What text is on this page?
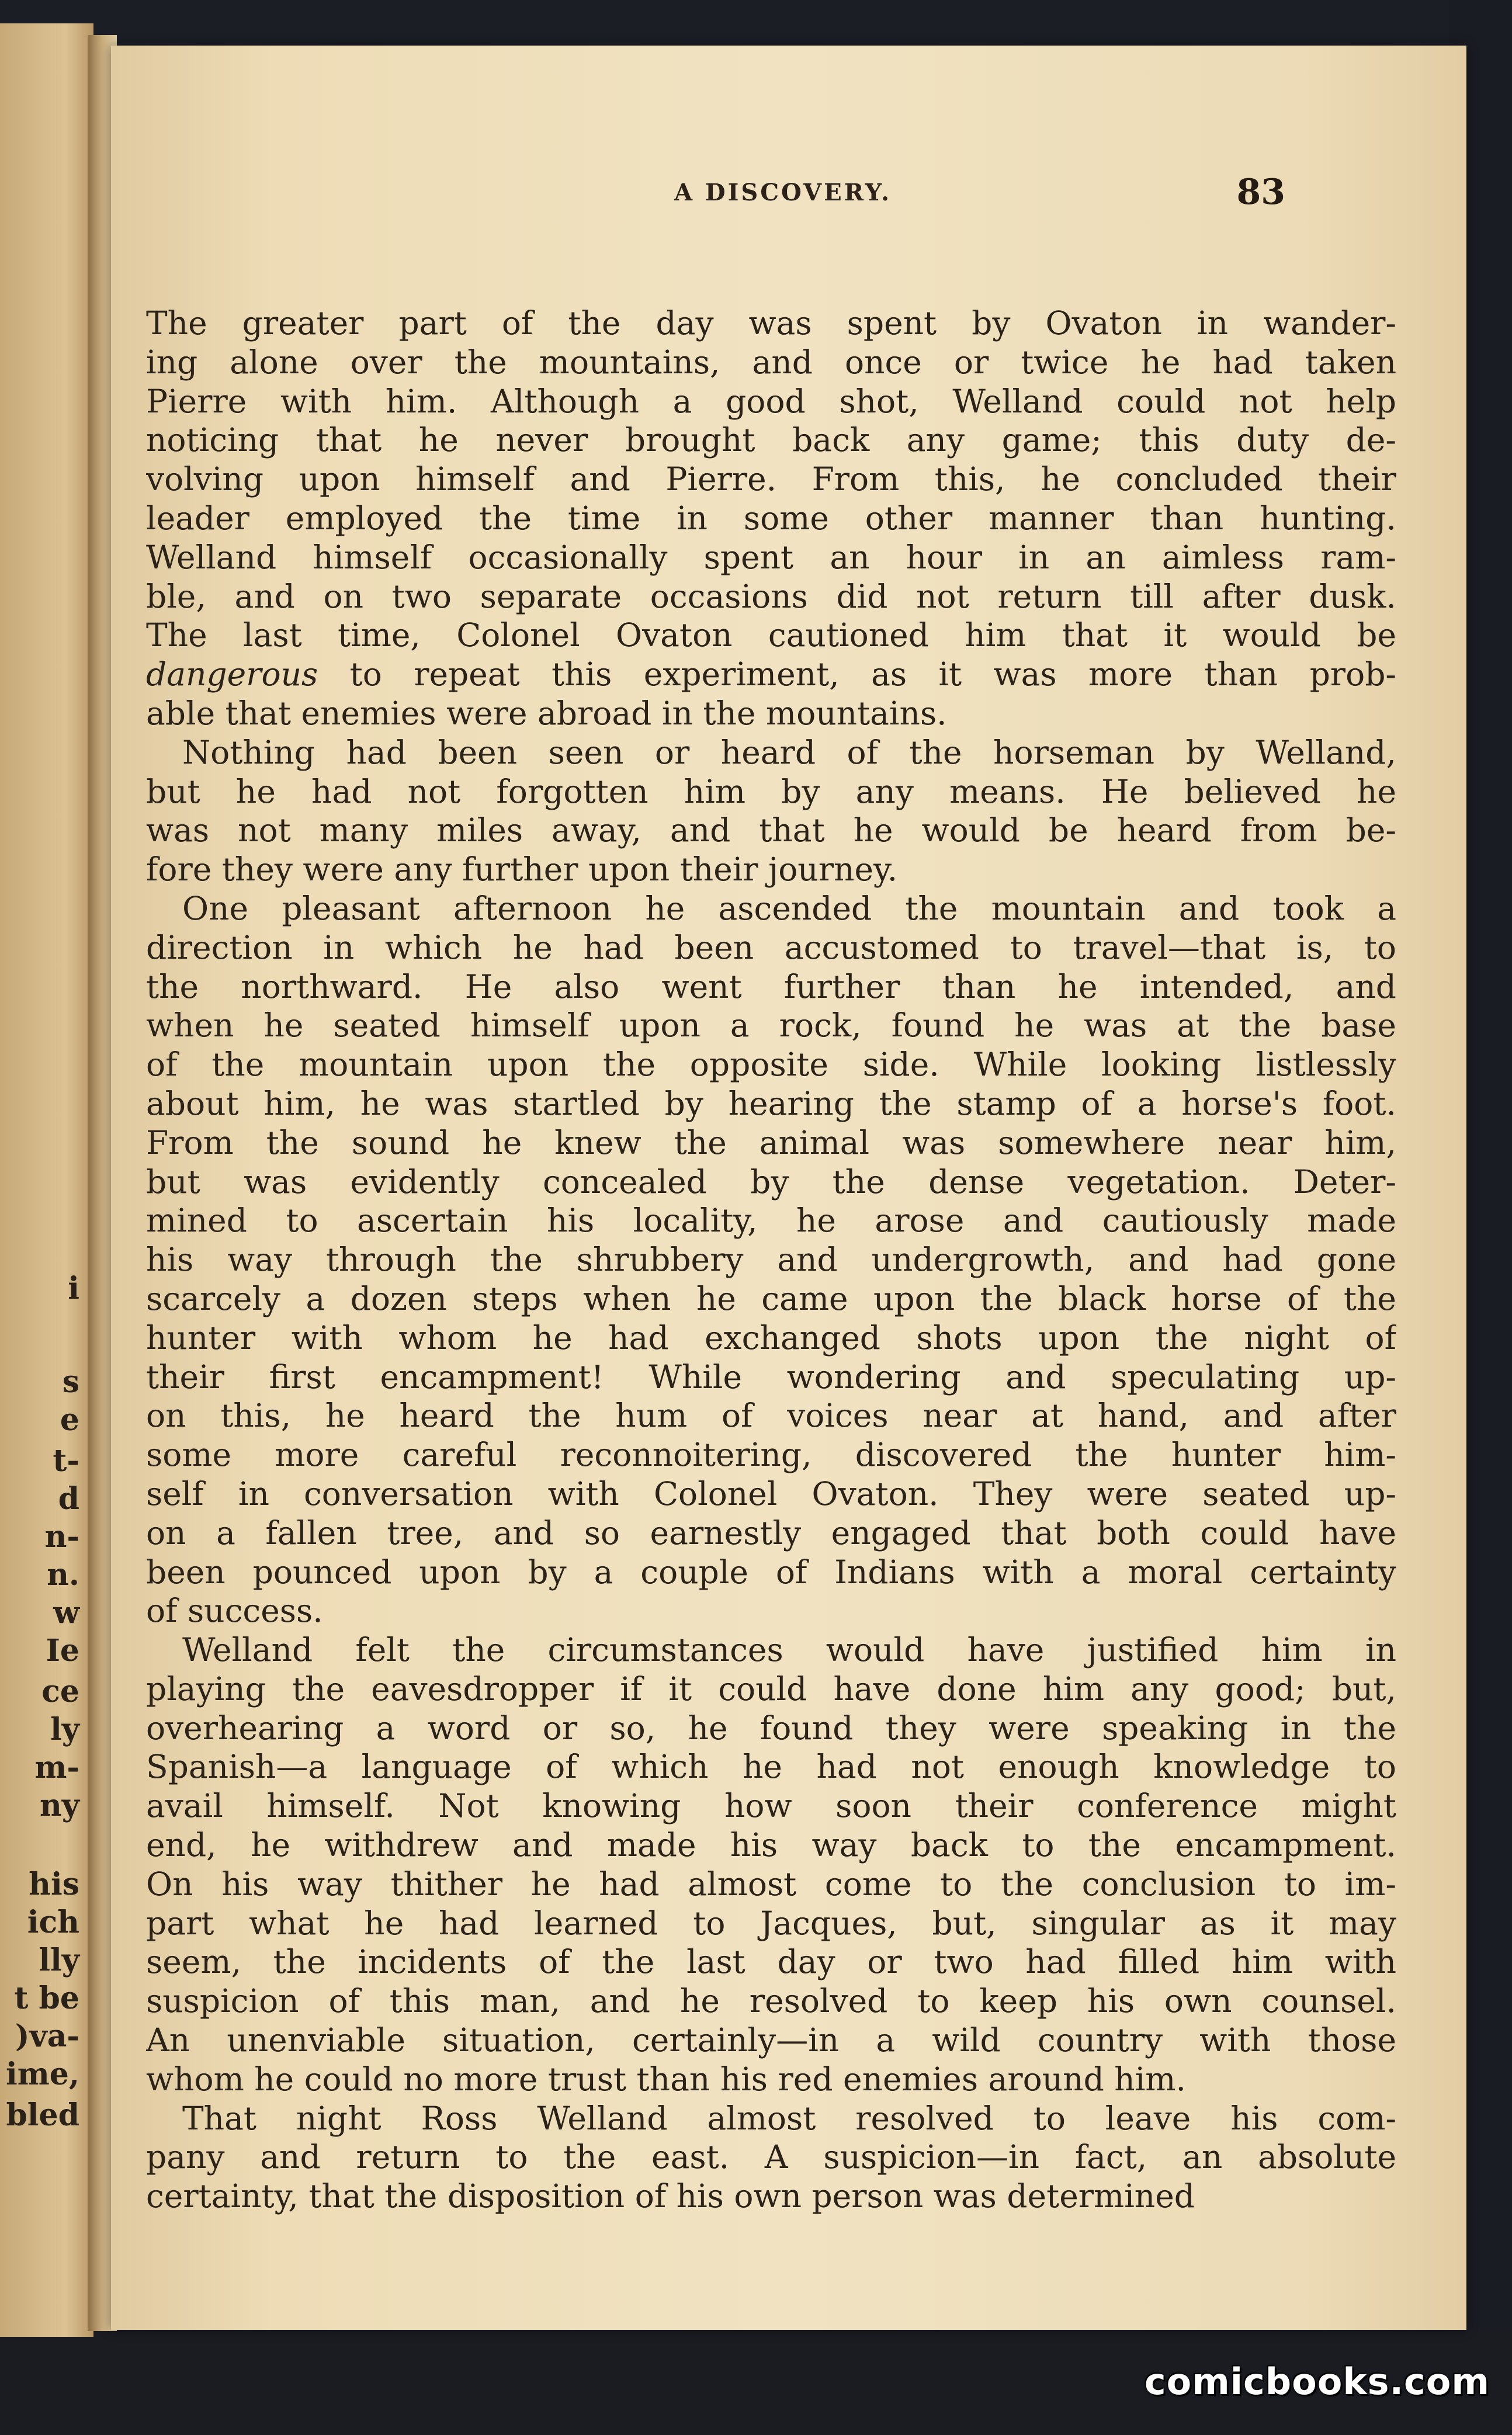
i
s
e
t-
d
n-
n.
w
Ie
ce
ly
m-
ny
his
ich
lly
t be
)va-
ime,
bled
A DISCOVERY.	83
The greater part of the day was spent by Ovaton in wander-
ing alone over the mountains, and once or twice he had taken
Pierre with him. Although a good shot, Welland could not help
noticing that he never brought back any game; this duty de-
volving upon himself and Pierre. From this, he concluded their
leader employed the time in some other manner than hunting.
Welland himself occasionally spent an hour in an aimless ram-
ble, and on two separate occasions did not return till after dusk.
The last time, Colonel Ovaton cautioned him that it would be
dangerous to repeat this experiment, as it was more than prob-
able that enemies were abroad in the mountains.
Nothing had been seen or heard of the horseman by Welland,
but he had not forgotten him by any means. He believed he
was not many miles away, and that he would be heard from be-
fore they were any further upon their journey.
One pleasant afternoon he ascended the mountain and took a
direction in which he had been accustomed to travel—that is, to
the northward. He also went further than he intended, and
when he seated himself upon a rock, found he was at the base
of the mountain upon the opposite side. While looking listlessly
about him, he was startled by hearing the stamp of a horse's foot.
From the sound he knew the animal was somewhere near him,
but was evidently concealed by the dense vegetation. Deter-
mined to ascertain his locality, he arose and cautiously made
his way through the shrubbery and undergrowth, and had gone
scarcely a dozen steps when he came upon the black horse of the
hunter with whom he had exchanged shots upon the night of
their first encampment! While wondering and speculating up-
on this, he heard the hum of voices near at hand, and after
some more careful reconnoitering, discovered the hunter him-
self in conversation with Colonel Ovaton. They were seated up-
on a fallen tree, and so earnestly engaged that both could have
been pounced upon by a couple of Indians with a moral certainty
of success.
Welland felt the circumstances would have justified him in
playing the eavesdropper if it could have done him any good; but,
overhearing a word or so, he found they were speaking in the
Spanish—a language of which he had not enough knowledge to
avail himself. Not knowing how soon their conference might
end, he withdrew and made his way back to the encampment.
On his way thither he had almost come to the conclusion to im-
part what he had learned to Jacques, but, singular as it may
seem, the incidents of the last day or two had filled him with
suspicion of this man, and he resolved to keep his own counsel.
An unenviable situation, certainly—in a wild country with those
whom he could no more trust than his red enemies around him.
That night Ross Welland almost resolved to leave his com-
pany and return to the east. A suspicion—in fact, an absolute
certainty, that the disposition of his own person was determined
comicbooks.com
